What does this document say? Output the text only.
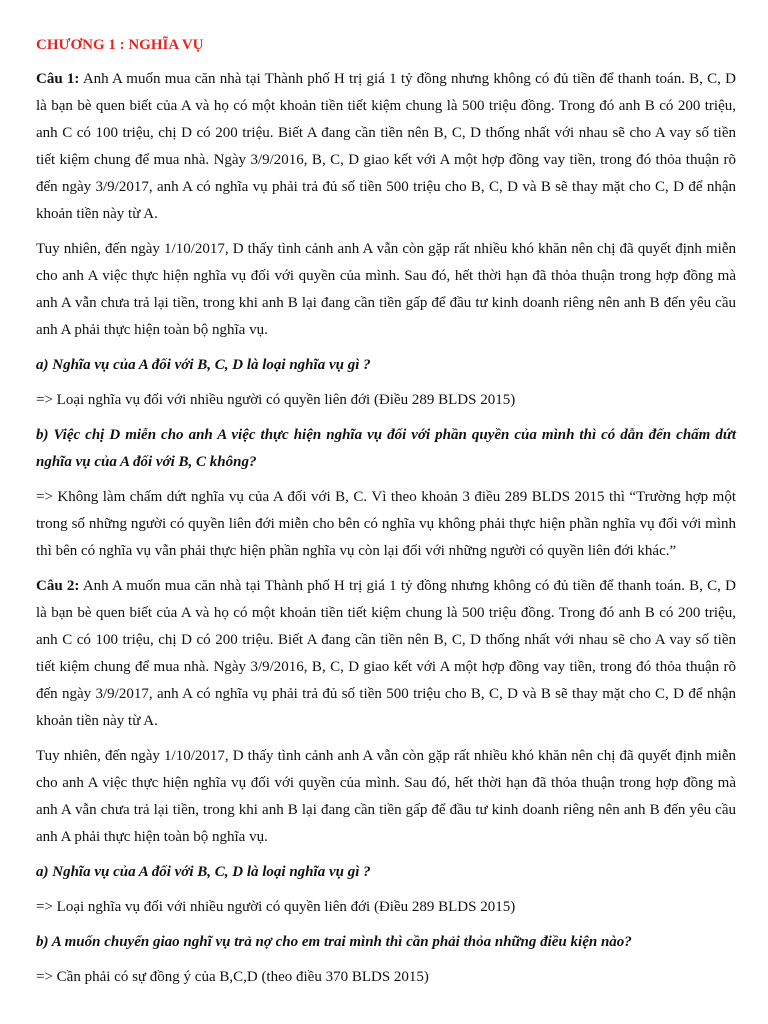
CHƯƠNG 1 : NGHĨA VỤ

Câu 1: Anh A muốn mua căn nhà tại Thành phố H trị giá 1 tỷ đồng nhưng không có đủ tiền để thanh toán. B, C, D là bạn bè quen biết của A và họ có một khoản tiền tiết kiệm chung là 500 triệu đồng. Trong đó anh B có 200 triệu, anh C có 100 triệu, chị D có 200 triệu. Biết A đang cần tiền nên B, C, D thống nhất với nhau sẽ cho A vay số tiền tiết kiệm chung để mua nhà. Ngày 3/9/2016, B, C, D giao kết với A một hợp đồng vay tiền, trong đó thỏa thuận rõ đến ngày 3/9/2017, anh A có nghĩa vụ phải trả đủ số tiền 500 triệu cho B, C, D và B sẽ thay mặt cho C, D để nhận khoản tiền này từ A.

Tuy nhiên, đến ngày 1/10/2017, D thấy tình cảnh anh A vẫn còn gặp rất nhiều khó khăn nên chị đã quyết định miễn cho anh A việc thực hiện nghĩa vụ đối với quyền của mình. Sau đó, hết thời hạn đã thỏa thuận trong hợp đồng mà anh A vẫn chưa trả lại tiền, trong khi anh B lại đang cần tiền gấp để đầu tư kinh doanh riêng nên anh B đến yêu cầu anh A phải thực hiện toàn bộ nghĩa vụ.

a) Nghĩa vụ của A đối với B, C, D là loại nghĩa vụ gì ?

=> Loại nghĩa vụ đối với nhiều người có quyền liên đới (Điều 289 BLDS 2015)

b) Việc chị D miễn cho anh A việc thực hiện nghĩa vụ đối với phần quyền của mình thì có dẫn đến chấm dứt nghĩa vụ của A đối với B, C không?

=> Không làm chấm dứt nghĩa vụ của A đối với B, C. Vì theo khoản 3 điều 289 BLDS 2015 thì “Trường hợp một trong số những người có quyền liên đới miễn cho bên có nghĩa vụ không phải thực hiện phần nghĩa vụ đối với mình thì bên có nghĩa vụ vẫn phải thực hiện phần nghĩa vụ còn lại đối với những người có quyền liên đới khác.”

Câu 2: Anh A muốn mua căn nhà tại Thành phố H trị giá 1 tỷ đồng nhưng không có đủ tiền để thanh toán. B, C, D là bạn bè quen biết của A và họ có một khoản tiền tiết kiệm chung là 500 triệu đồng. Trong đó anh B có 200 triệu, anh C có 100 triệu, chị D có 200 triệu. Biết A đang cần tiền nên B, C, D thống nhất với nhau sẽ cho A vay số tiền tiết kiệm chung để mua nhà. Ngày 3/9/2016, B, C, D giao kết với A một hợp đồng vay tiền, trong đó thỏa thuận rõ đến ngày 3/9/2017, anh A có nghĩa vụ phải trả đủ số tiền 500 triệu cho B, C, D và B sẽ thay mặt cho C, D để nhận khoản tiền này từ A.

Tuy nhiên, đến ngày 1/10/2017, D thấy tình cảnh anh A vẫn còn gặp rất nhiều khó khăn nên chị đã quyết định miễn cho anh A việc thực hiện nghĩa vụ đối với quyền của mình. Sau đó, hết thời hạn đã thỏa thuận trong hợp đồng mà anh A vẫn chưa trả lại tiền, trong khi anh B lại đang cần tiền gấp để đầu tư kinh doanh riêng nên anh B đến yêu cầu anh A phải thực hiện toàn bộ nghĩa vụ.

a) Nghĩa vụ của A đối với B, C, D là loại nghĩa vụ gì ?

=> Loại nghĩa vụ đối với nhiều người có quyền liên đới (Điều 289 BLDS 2015)

b) A muốn chuyển giao nghĩ vụ trả nợ cho em trai mình thì cần phải thỏa những điều kiện nào?

=> Cần phải có sự đồng ý của B,C,D (theo điều 370 BLDS 2015)
